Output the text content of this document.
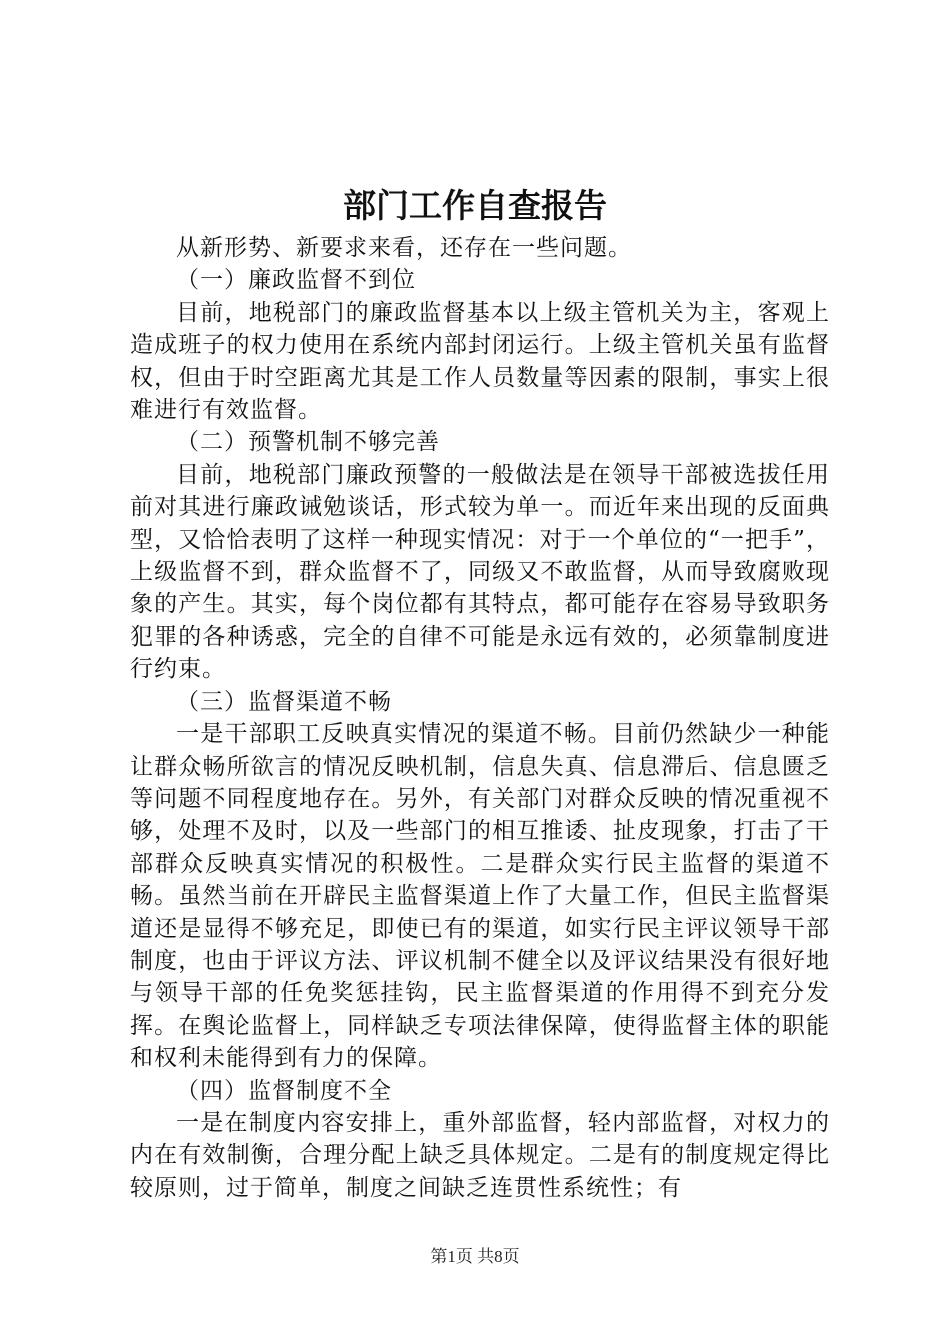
部门工作自查报告

从新形势、新要求来看，还存在一些问题。

（一）廉政监督不到位

目前，地税部门的廉政监督基本以上级主管机关为主，客观上造成班子的权力使用在系统内部封闭运行。上级主管机关虽有监督权，但由于时空距离尤其是工作人员数量等因素的限制，事实上很难进行有效监督。

（二）预警机制不够完善

目前，地税部门廉政预警的一般做法是在领导干部被选拔任用前对其进行廉政诫勉谈话，形式较为单一。而近年来出现的反面典型，又恰恰表明了这样一种现实情况：对于一个单位的“一把手”，上级监督不到，群众监督不了，同级又不敢监督，从而导致腐败现象的产生。其实，每个岗位都有其特点，都可能存在容易导致职务犯罪的各种诱惑，完全的自律不可能是永远有效的，必须靠制度进行约束。

（三）监督渠道不畅

一是干部职工反映真实情况的渠道不畅。目前仍然缺少一种能让群众畅所欲言的情况反映机制，信息失真、信息滞后、信息匮乏等问题不同程度地存在。另外，有关部门对群众反映的情况重视不够，处理不及时，以及一些部门的相互推诿、扯皮现象，打击了干部群众反映真实情况的积极性。二是群众实行民主监督的渠道不畅。虽然当前在开辟民主监督渠道上作了大量工作，但民主监督渠道还是显得不够充足，即使已有的渠道，如实行民主评议领导干部制度，也由于评议方法、评议机制不健全以及评议结果没有很好地与领导干部的任免奖惩挂钩，民主监督渠道的作用得不到充分发挥。在舆论监督上，同样缺乏专项法律保障，使得监督主体的职能和权利未能得到有力的保障。

（四）监督制度不全

一是在制度内容安排上，重外部监督，轻内部监督，对权力的内在有效制衡，合理分配上缺乏具体规定。二是有的制度规定得比较原则，过于简单，制度之间缺乏连贯性系统性；有

第1页 共8页
